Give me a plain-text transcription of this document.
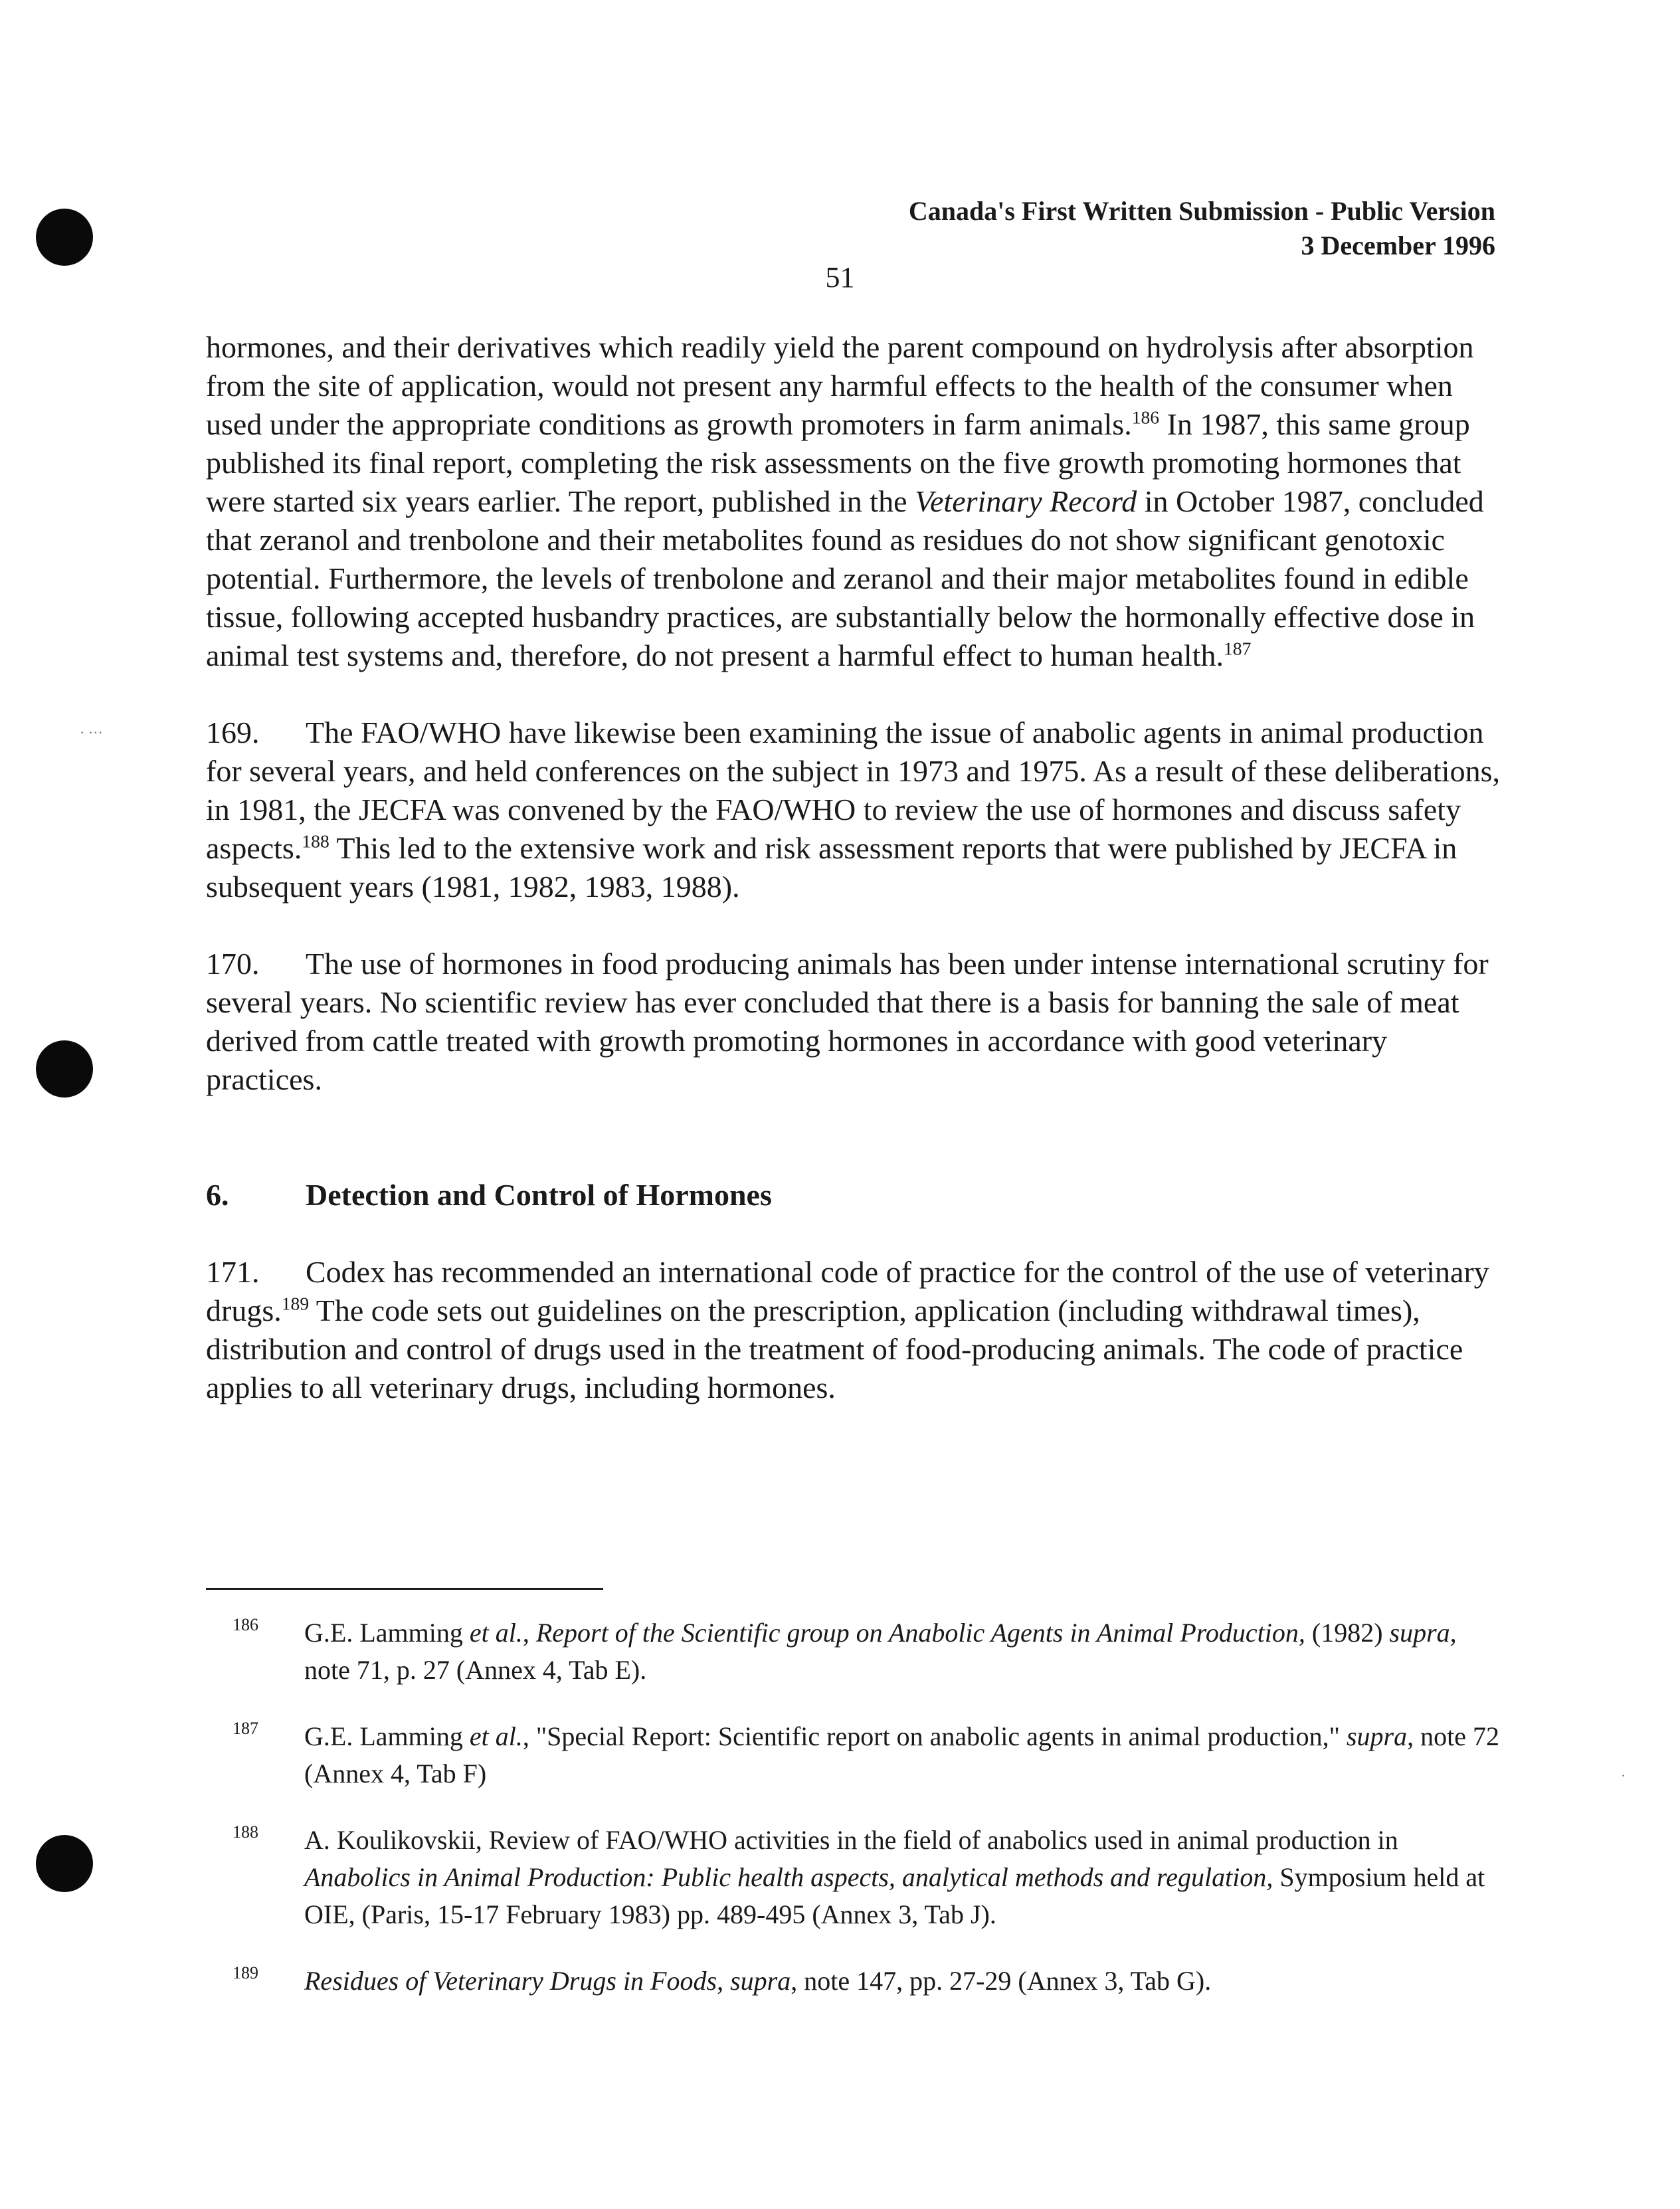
· ···
·
Canada's First Written Submission - Public Version
3 December 1996
51

hormones, and their derivatives which readily yield the parent compound on hydrolysis after absorption from the site of application, would not present any harmful effects to the health of the consumer when used under the appropriate conditions as growth promoters in farm animals.$^{186}$ In 1987, this same group published its final report, completing the risk assessments on the five growth promoting hormones that were started six years earlier. The report, published in the Veterinary Record in October 1987, concluded that zeranol and trenbolone and their metabolites found as residues do not show significant genotoxic potential. Furthermore, the levels of trenbolone and zeranol and their major metabolites found in edible tissue, following accepted husbandry practices, are substantially below the hormonally effective dose in animal test systems and, therefore, do not present a harmful effect to human health.$^{187}$

169. The FAO/WHO have likewise been examining the issue of anabolic agents in animal production for several years, and held conferences on the subject in 1973 and 1975. As a result of these deliberations, in 1981, the JECFA was convened by the FAO/WHO to review the use of hormones and discuss safety aspects.$^{188}$ This led to the extensive work and risk assessment reports that were published by JECFA in subsequent years (1981, 1982, 1983, 1988).

170. The use of hormones in food producing animals has been under intense international scrutiny for several years. No scientific review has ever concluded that there is a basis for banning the sale of meat derived from cattle treated with growth promoting hormones in accordance with good veterinary practices.

6.	Detection and Control of Hormones

171. Codex has recommended an international code of practice for the control of the use of veterinary drugs.$^{189}$ The code sets out guidelines on the prescription, application (including withdrawal times), distribution and control of drugs used in the treatment of food-producing animals. The code of practice applies to all veterinary drugs, including hormones.

186 G.E. Lamming et al., Report of the Scientific group on Anabolic Agents in Animal Production, (1982) supra, note 71, p. 27 (Annex 4, Tab E).
187 G.E. Lamming et al., "Special Report: Scientific report on anabolic agents in animal production," supra, note 72 (Annex 4, Tab F)
188 A. Koulikovskii, Review of FAO/WHO activities in the field of anabolics used in animal production in Anabolics in Animal Production: Public health aspects, analytical methods and regulation, Symposium held at OIE, (Paris, 15-17 February 1983) pp. 489-495 (Annex 3, Tab J).
189 Residues of Veterinary Drugs in Foods, supra, note 147, pp. 27-29 (Annex 3, Tab G).
